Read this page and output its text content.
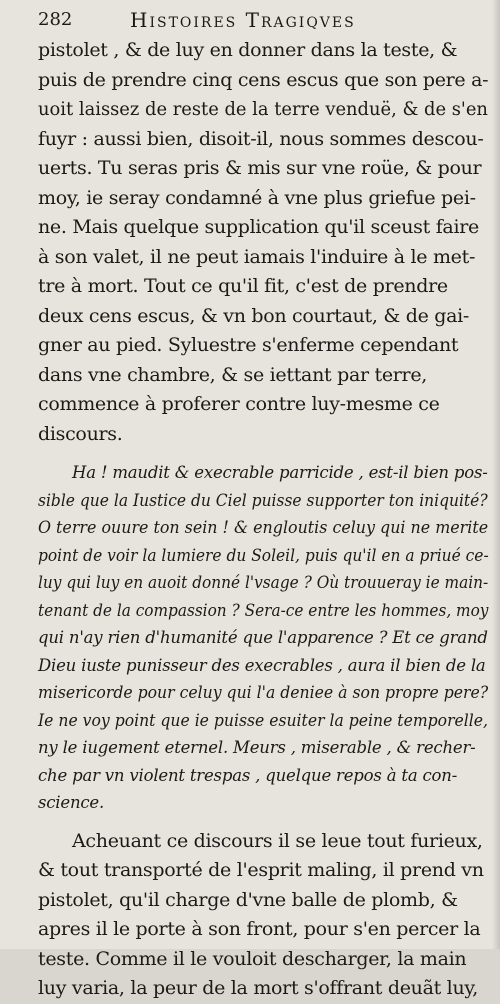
282	Histoires Tragiqves
pistolet , & de luy en donner dans la teste, &
puis de prendre cinq cens escus que son pere a-
uoit laissez de reste de la terre venduë, & de s'en
fuyr : aussi bien, disoit-il, nous sommes descou-
uerts. Tu seras pris & mis sur vne roüe, & pour
moy, ie seray condamné à vne plus griefue pei-
ne. Mais quelque supplication qu'il sceust faire
à son valet, il ne peut iamais l'induire à le met-
tre à mort. Tout ce qu'il fit, c'est de prendre
deux cens escus, & vn bon courtaut, & de gai-
gner au pied. Syluestre s'enferme cependant
dans vne chambre, & se iettant par terre,
commence à proferer contre luy-mesme ce
discours.
Ha ! maudit & execrable parricide , est-il bien pos-
sible que la Iustice du Ciel puisse supporter ton iniquité?
O terre ouure ton sein ! & engloutis celuy qui ne merite
point de voir la lumiere du Soleil, puis qu'il en a priué ce-
luy qui luy en auoit donné l'vsage ? Où trouueray ie main-
tenant de la compassion ? Sera-ce entre les hommes, moy
qui n'ay rien d'humanité que l'apparence ? Et ce grand
Dieu iuste punisseur des execrables , aura il bien de la
misericorde pour celuy qui l'a deniee à son propre pere?
Ie ne voy point que ie puisse esuiter la peine temporelle,
ny le iugement eternel. Meurs , miserable , & recher-
che par vn violent trespas , quelque repos à ta con-
science.
Acheuant ce discours il se leue tout furieux,
& tout transporté de l'esprit maling, il prend vn
pistolet, qu'il charge d'vne balle de plomb, &
apres il le porte à son front, pour s'en percer la
teste. Comme il le vouloit descharger, la main
luy varia, la peur de la mort s'offrant deuãt luy,
